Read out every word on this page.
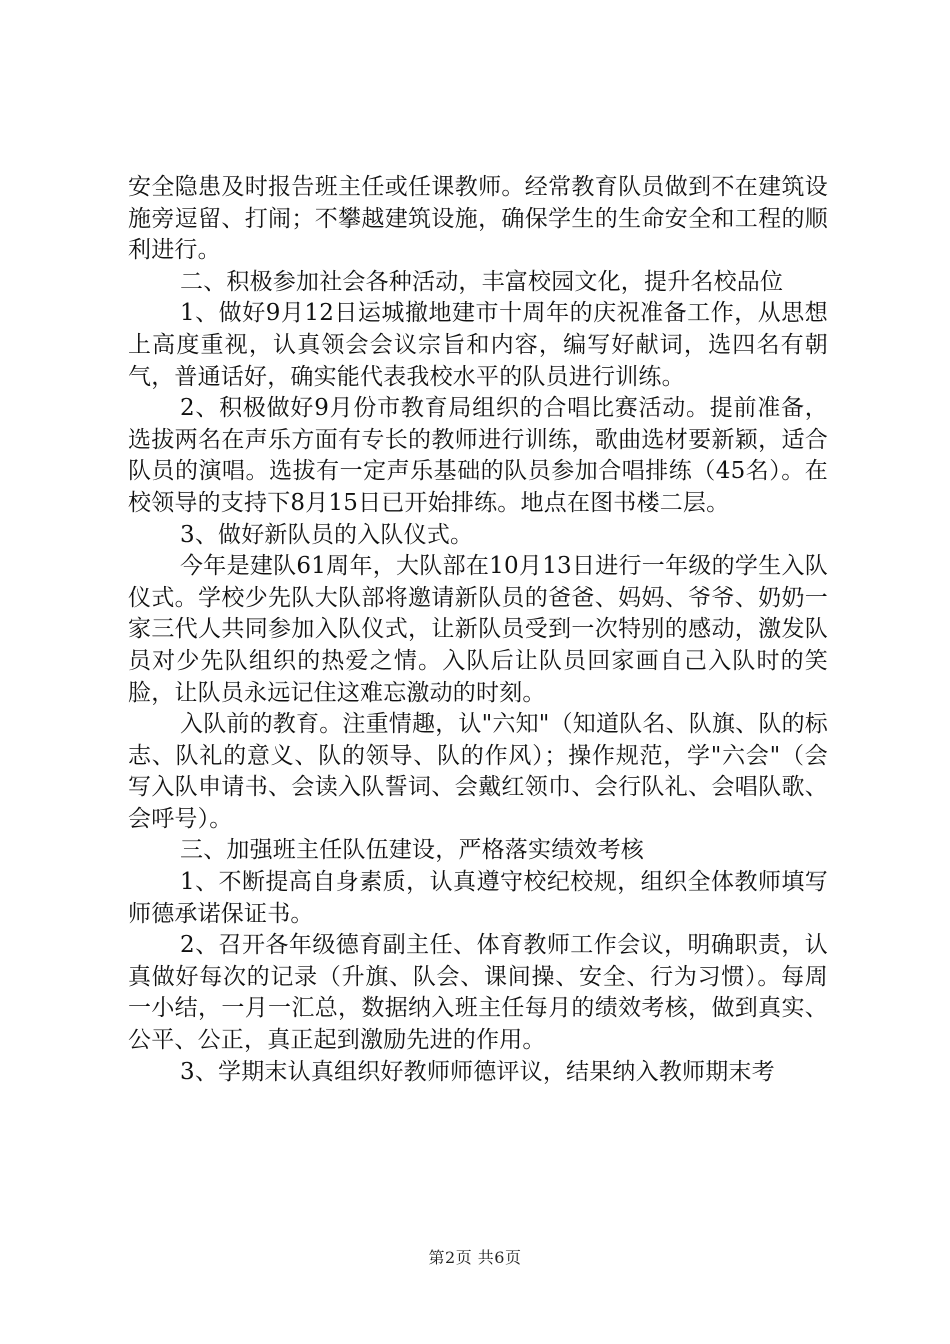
安全隐患及时报告班主任或任课教师。经常教育队员做到不在建筑设施旁逗留、打闹；不攀越建筑设施，确保学生的生命安全和工程的顺利进行。

二、积极参加社会各种活动，丰富校园文化，提升名校品位

1、做好9月12日运城撤地建市十周年的庆祝准备工作，从思想上高度重视，认真领会会议宗旨和内容，编写好献词，选四名有朝气，普通话好，确实能代表我校水平的队员进行训练。

2、积极做好9月份市教育局组织的合唱比赛活动。提前准备，选拔两名在声乐方面有专长的教师进行训练，歌曲选材要新颖，适合队员的演唱。选拔有一定声乐基础的队员参加合唱排练（45名）。在校领导的支持下8月15日已开始排练。地点在图书楼二层。

3、做好新队员的入队仪式。

今年是建队61周年，大队部在10月13日进行一年级的学生入队仪式。学校少先队大队部将邀请新队员的爸爸、妈妈、爷爷、奶奶一家三代人共同参加入队仪式，让新队员受到一次特别的感动，激发队员对少先队组织的热爱之情。入队后让队员回家画自己入队时的笑脸，让队员永远记住这难忘激动的时刻。

入队前的教育。注重情趣，认"六知"（知道队名、队旗、队的标志、队礼的意义、队的领导、队的作风）；操作规范，学"六会"（会写入队申请书、会读入队誓词、会戴红领巾、会行队礼、会唱队歌、会呼号）。

三、加强班主任队伍建设，严格落实绩效考核

1、不断提高自身素质，认真遵守校纪校规，组织全体教师填写师德承诺保证书。

2、召开各年级德育副主任、体育教师工作会议，明确职责，认真做好每次的记录（升旗、队会、课间操、安全、行为习惯）。每周一小结，一月一汇总，数据纳入班主任每月的绩效考核，做到真实、公平、公正，真正起到激励先进的作用。

3、学期末认真组织好教师师德评议，结果纳入教师期末考

第2页 共6页
